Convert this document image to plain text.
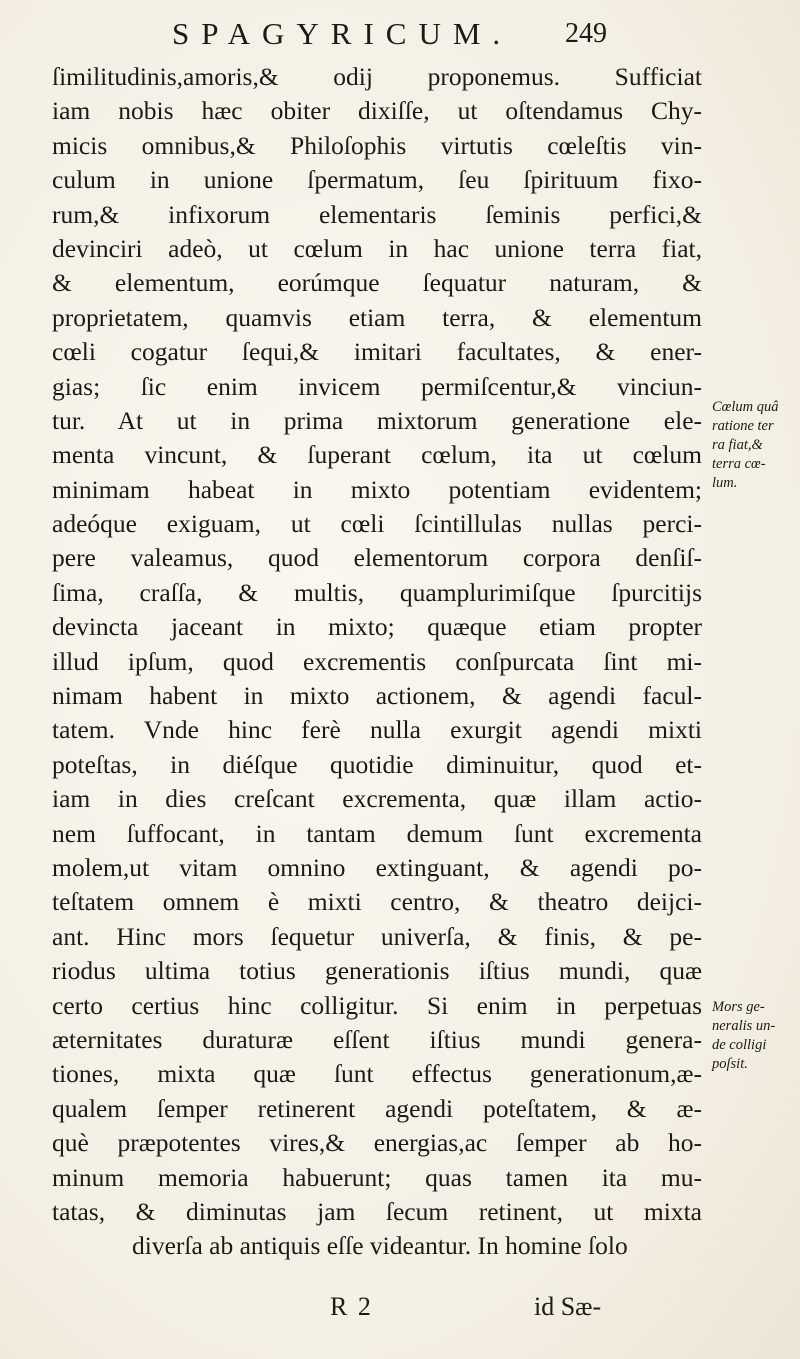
SPAGYRICUM. 249
ſimilitudinis,amoris,& odij proponemus. Sufficiat
iam nobis hæc obiter dixiſſe, ut oſtendamus Chy-
micis omnibus,& Philoſophis virtutis cœleſtis vin-
culum in unione ſpermatum, ſeu ſpirituum fixo-
rum,& infixorum elementaris ſeminis perfici,&
devinciri adeò, ut cœlum in hac unione terra fiat,
& elementum, eorúmque ſequatur naturam, &
proprietatem, quamvis etiam terra, & elementum
cœli cogatur ſequi,& imitari facultates, & ener-
gias; ſic enim invicem permiſcentur,& vinciun-
tur. At ut in prima mixtorum generatione ele-
menta vincunt, & ſuperant cœlum, ita ut cœlum
minimam habeat in mixto potentiam evidentem;
adeóque exiguam, ut cœli ſcintillulas nullas perci-
pere valeamus, quod elementorum corpora denſiſ-
ſima, craſſa, & multis, quamplurimiſque ſpurcitijs
devincta jaceant in mixto; quæque etiam propter
illud ipſum, quod excrementis conſpurcata ſint mi-
nimam habent in mixto actionem, & agendi facul-
tatem. Vnde hinc ferè nulla exurgit agendi mixti
poteſtas, in diéſque quotidie diminuitur, quod et-
iam in dies creſcant excrementa, quæ illam actio-
nem ſuffocant, in tantam demum ſunt excrementa
molem,ut vitam omnino extinguant, & agendi po-
teſtatem omnem è mixti centro, & theatro deijci-
ant. Hinc mors ſequetur univerſa, & finis, & pe-
riodus ultima totius generationis iſtius mundi, quæ
certo certius hinc colligitur. Si enim in perpetuas
æternitates duraturæ eſſent iſtius mundi genera-
tiones, mixta quæ ſunt effectus generationum,æ-
qualem ſemper retinerent agendi poteſtatem, & æ-
què præpotentes vires,& energias,ac ſemper ab ho-
minum memoria habuerunt; quas tamen ita mu-
tatas, & diminutas jam ſecum retinent, ut mixta
diverſa ab antiquis eſſe videantur. In homine ſolo
Cœlum quâ
ratione ter
ra fiat,&
terra cœ-
lum.
Mors ge-
neralis un-
de colligi
poſsit.
R 2	id Sæ-
